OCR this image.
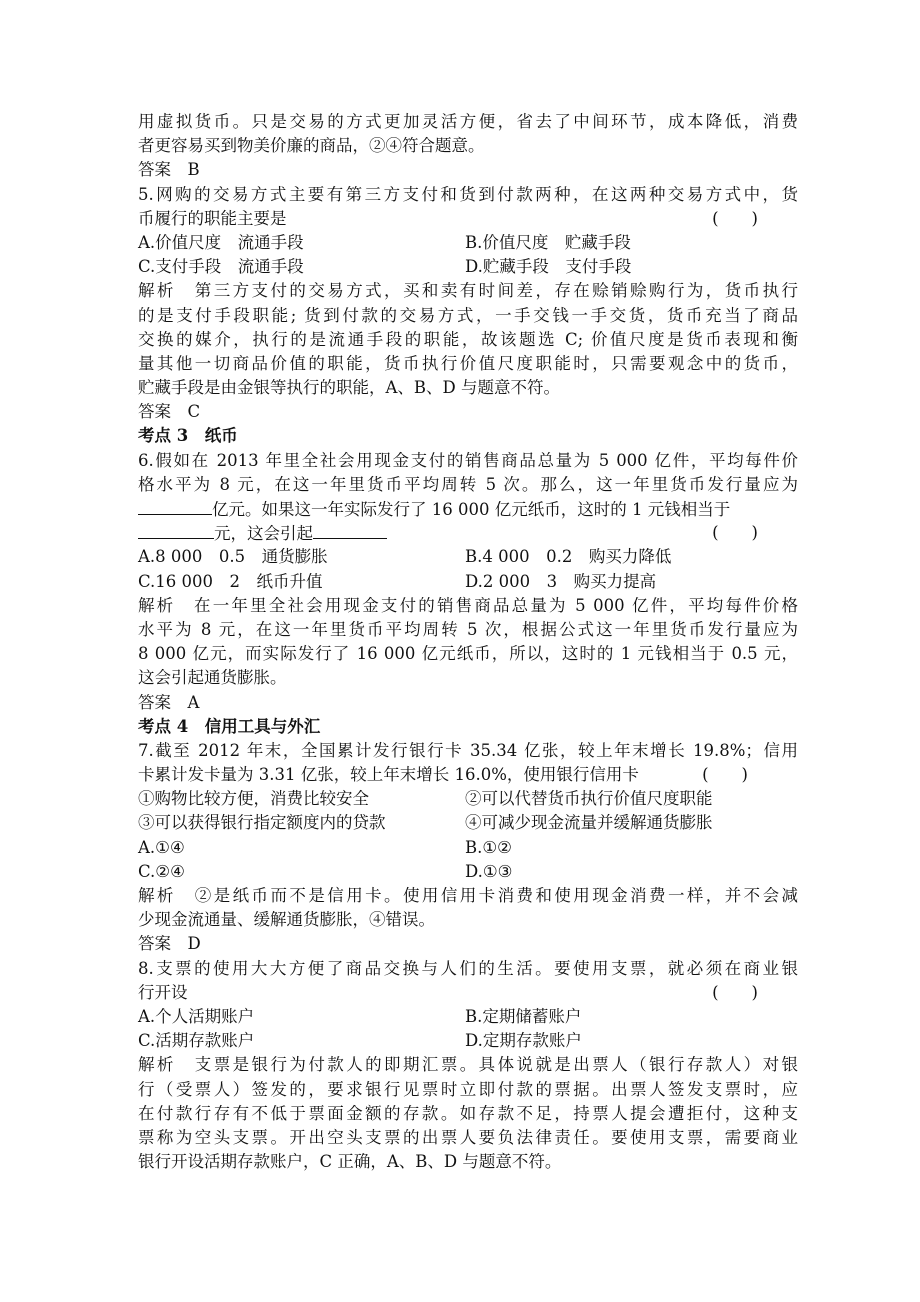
用虚拟货币。只是交易的方式更加灵活方便，省去了中间环节，成本降低，消费
者更容易买到物美价廉的商品，②④符合题意。
答案　B
5.网购的交易方式主要有第三方支付和货到付款两种，在这两种交易方式中，货
币履行的职能主要是	(　　)
A.价值尺度　流通手段	B.价值尺度　贮藏手段
C.支付手段　流通手段	D.贮藏手段　支付手段
解析　第三方支付的交易方式，买和卖有时间差，存在赊销赊购行为，货币执行
的是支付手段职能; 货到付款的交易方式，一手交钱一手交货，货币充当了商品
交换的媒介，执行的是流通手段的职能，故该题选 C; 价值尺度是货币表现和衡
量其他一切商品价值的职能，货币执行价值尺度职能时，只需要观念中的货币，
贮藏手段是由金银等执行的职能，A、B、D 与题意不符。
答案　C
考点 3　纸币
6.假如在 2013 年里全社会用现金支付的销售商品总量为 5 000 亿件，平均每件价
格水平为 8 元，在这一年里货币平均周转 5 次。那么，这一年里货币发行量应为
亿元。如果这一年实际发行了 16 000 亿元纸币，这时的 1 元钱相当于
元，这会引起	(　　)
A.8 000　0.5　通货膨胀	B.4 000　0.2　购买力降低
C.16 000　2　纸币升值	D.2 000　3　购买力提高
解析　在一年里全社会用现金支付的销售商品总量为 5 000 亿件，平均每件价格
水平为 8 元，在这一年里货币平均周转 5 次，根据公式这一年里货币发行量应为
8 000 亿元，而实际发行了 16 000 亿元纸币，所以，这时的 1 元钱相当于 0.5 元，
这会引起通货膨胀。
答案　A
考点 4　信用工具与外汇
7.截至 2012 年末，全国累计发行银行卡 35.34 亿张，较上年末增长 19.8%；信用
卡累计发卡量为 3.31 亿张，较上年末增长 16.0%，使用银行信用卡	(　　)
①购物比较方便，消费比较安全	②可以代替货币执行价值尺度职能
③可以获得银行指定额度内的贷款	④可减少现金流量并缓解通货膨胀
A.①④	B.①②
C.②④	D.①③
解析　②是纸币而不是信用卡。使用信用卡消费和使用现金消费一样，并不会减
少现金流通量、缓解通货膨胀，④错误。
答案　D
8.支票的使用大大方便了商品交换与人们的生活。要使用支票，就必须在商业银
行开设	(　　)
A.个人活期账户	B.定期储蓄账户
C.活期存款账户	D.定期存款账户
解析　支票是银行为付款人的即期汇票。具体说就是出票人（银行存款人）对银
行（受票人）签发的，要求银行见票时立即付款的票据。出票人签发支票时，应
在付款行存有不低于票面金额的存款。如存款不足，持票人提会遭拒付，这种支
票称为空头支票。开出空头支票的出票人要负法律责任。要使用支票，需要商业
银行开设活期存款账户，C 正确，A、B、D 与题意不符。
